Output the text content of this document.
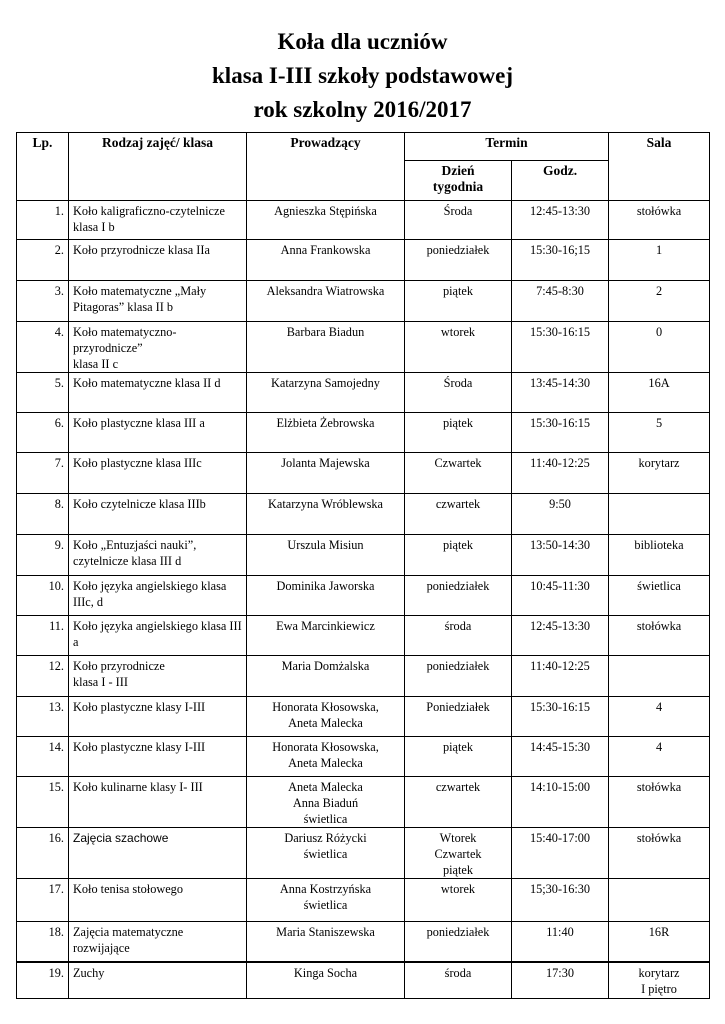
Koła dla uczniów
klasa I-III szkoły podstawowej
rok szkolny 2016/2017
Lp.	Rodzaj zajęć/ klasa	Prowadzący	Termin		Sala
			Dzień tygodnia	Godz.	
1.	Koło kaligraficzno-czytelnicze klasa I b	Agnieszka Stępińska	Środa	12:45-13:30	stołówka
2.	Koło przyrodnicze klasa IIa	Anna Frankowska	poniedziałek	15:30-16;15	1
3.	Koło matematyczne „Mały Pitagoras” klasa II b	Aleksandra Wiatrowska	piątek	7:45-8:30	2
4.	Koło matematyczno-przyrodnicze”
klasa II c	Barbara Biadun	wtorek	15:30-16:15	0
5.	Koło matematyczne klasa II d	Katarzyna Samojedny	Środa	13:45-14:30	16A
6.	Koło plastyczne klasa III a	Elżbieta Żebrowska	piątek	15:30-16:15	5
7.	Koło plastyczne klasa IIIc	Jolanta Majewska	Czwartek	11:40-12:25	korytarz
8.	Koło czytelnicze klasa IIIb	Katarzyna Wróblewska	czwartek	9:50	
9.	Koło „Entuzjaści nauki”, czytelnicze klasa III d	Urszula Misiun	piątek	13:50-14:30	biblioteka
10.	Koło języka angielskiego klasa IIIc, d	Dominika Jaworska	poniedziałek	10:45-11:30	świetlica
11.	Koło języka angielskiego klasa III a	Ewa Marcinkiewicz	środa	12:45-13:30	stołówka
12.	Koło przyrodnicze
klasa I - III	Maria Domżalska	poniedziałek	11:40-12:25	
13.	Koło plastyczne klasy I-III	Honorata Kłosowska,
Aneta Malecka	Poniedziałek	15:30-16:15	4
14.	Koło plastyczne klasy I-III	Honorata Kłosowska,
Aneta Malecka	piątek	14:45-15:30	4
15.	Koło kulinarne klasy I- III	Aneta Malecka
Anna Biaduń
świetlica	czwartek	14:10-15:00	stołówka
16.	Zajęcia szachowe	Dariusz Różycki
świetlica	Wtorek
Czwartek
piątek	15:40-17:00	stołówka
17.	Koło tenisa stołowego	Anna Kostrzyńska
świetlica	wtorek	15;30-16:30	
18.	Zajęcia matematyczne rozwijające	Maria Staniszewska	poniedziałek	11:40	16R
19.	Zuchy	Kinga Socha	środa	17:30	korytarz
I piętro
